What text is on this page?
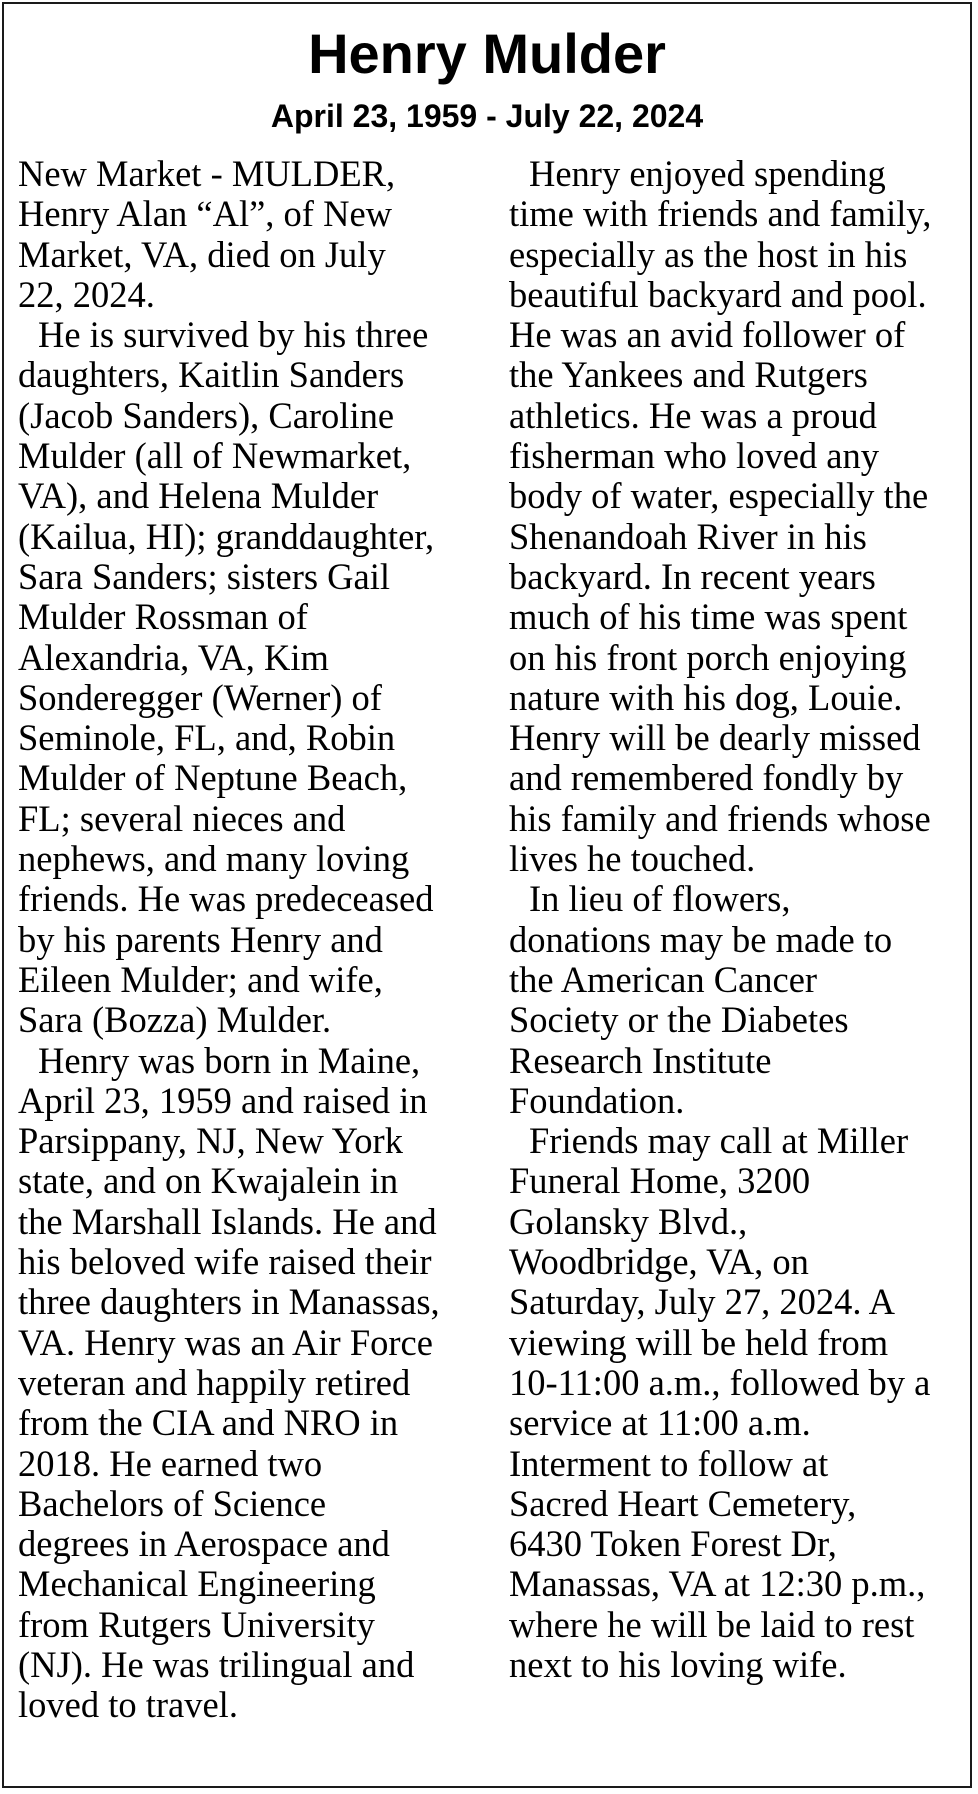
Henry Mulder
April 23, 1959 - July 22, 2024
New Market - MULDER,
Henry Alan “Al”, of New
Market, VA, died on July
22, 2024.
He is survived by his three
daughters, Kaitlin Sanders
(Jacob Sanders), Caroline
Mulder (all of Newmarket,
VA), and Helena Mulder
(Kailua, HI); granddaughter,
Sara Sanders; sisters Gail
Mulder Rossman of
Alexandria, VA, Kim
Sonderegger (Werner) of
Seminole, FL, and, Robin
Mulder of Neptune Beach,
FL; several nieces and
nephews, and many loving
friends. He was predeceased
by his parents Henry and
Eileen Mulder; and wife,
Sara (Bozza) Mulder.
Henry was born in Maine,
April 23, 1959 and raised in
Parsippany, NJ, New York
state, and on Kwajalein in
the Marshall Islands. He and
his beloved wife raised their
three daughters in Manassas,
VA. Henry was an Air Force
veteran and happily retired
from the CIA and NRO in
2018. He earned two
Bachelors of Science
degrees in Aerospace and
Mechanical Engineering
from Rutgers University
(NJ). He was trilingual and
loved to travel.
Henry enjoyed spending
time with friends and family,
especially as the host in his
beautiful backyard and pool.
He was an avid follower of
the Yankees and Rutgers
athletics. He was a proud
fisherman who loved any
body of water, especially the
Shenandoah River in his
backyard. In recent years
much of his time was spent
on his front porch enjoying
nature with his dog, Louie.
Henry will be dearly missed
and remembered fondly by
his family and friends whose
lives he touched.
In lieu of flowers,
donations may be made to
the American Cancer
Society or the Diabetes
Research Institute
Foundation.
Friends may call at Miller
Funeral Home, 3200
Golansky Blvd.,
Woodbridge, VA, on
Saturday, July 27, 2024. A
viewing will be held from
10-11:00 a.m., followed by a
service at 11:00 a.m.
Interment to follow at
Sacred Heart Cemetery,
6430 Token Forest Dr,
Manassas, VA at 12:30 p.m.,
where he will be laid to rest
next to his loving wife.
